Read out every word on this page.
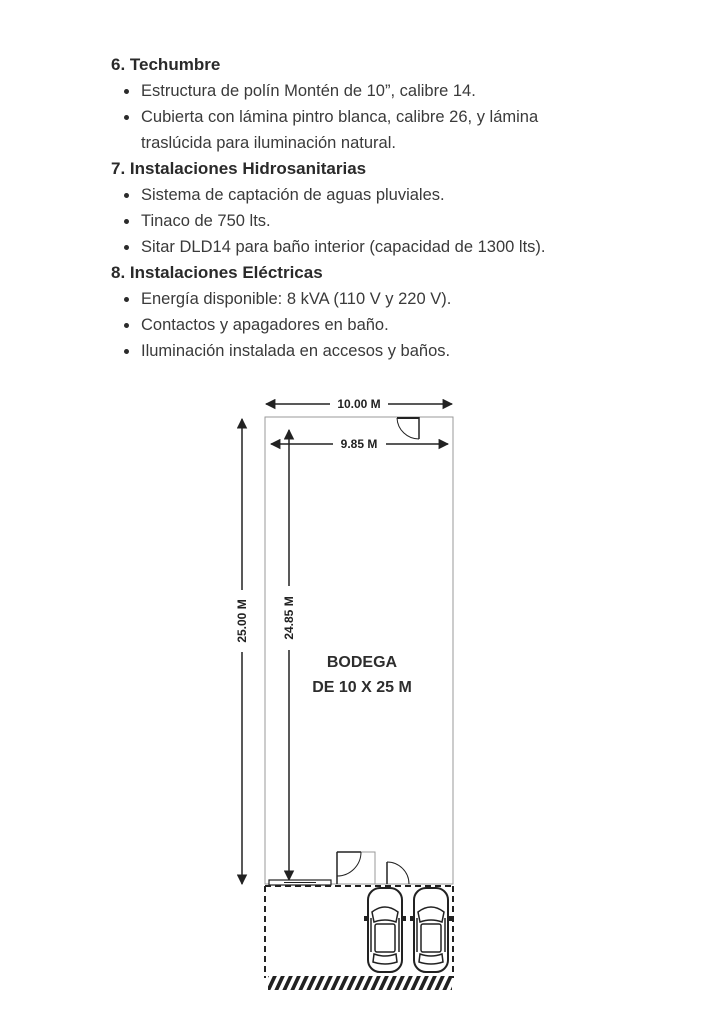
6. Techumbre

Estructura de polín Montén de 10”, calibre 14.
Cubierta con lámina pintro blanca, calibre 26, y lámina
traslúcida para iluminación natural.

7. Instalaciones Hidrosanitarias

Sistema de captación de aguas pluviales.
Tinaco de 750 lts.
Sitar DLD14 para baño interior (capacidad de 1300 lts).

8. Instalaciones Eléctricas

Energía disponible: 8 kVA (110 V y 220 V).
Contactos y apagadores en baño.
Iluminación instalada en accesos y baños.
10.00 M
9.85 M
25.00 M	24.85 M
BODEGA
DE 10 X 25 M
